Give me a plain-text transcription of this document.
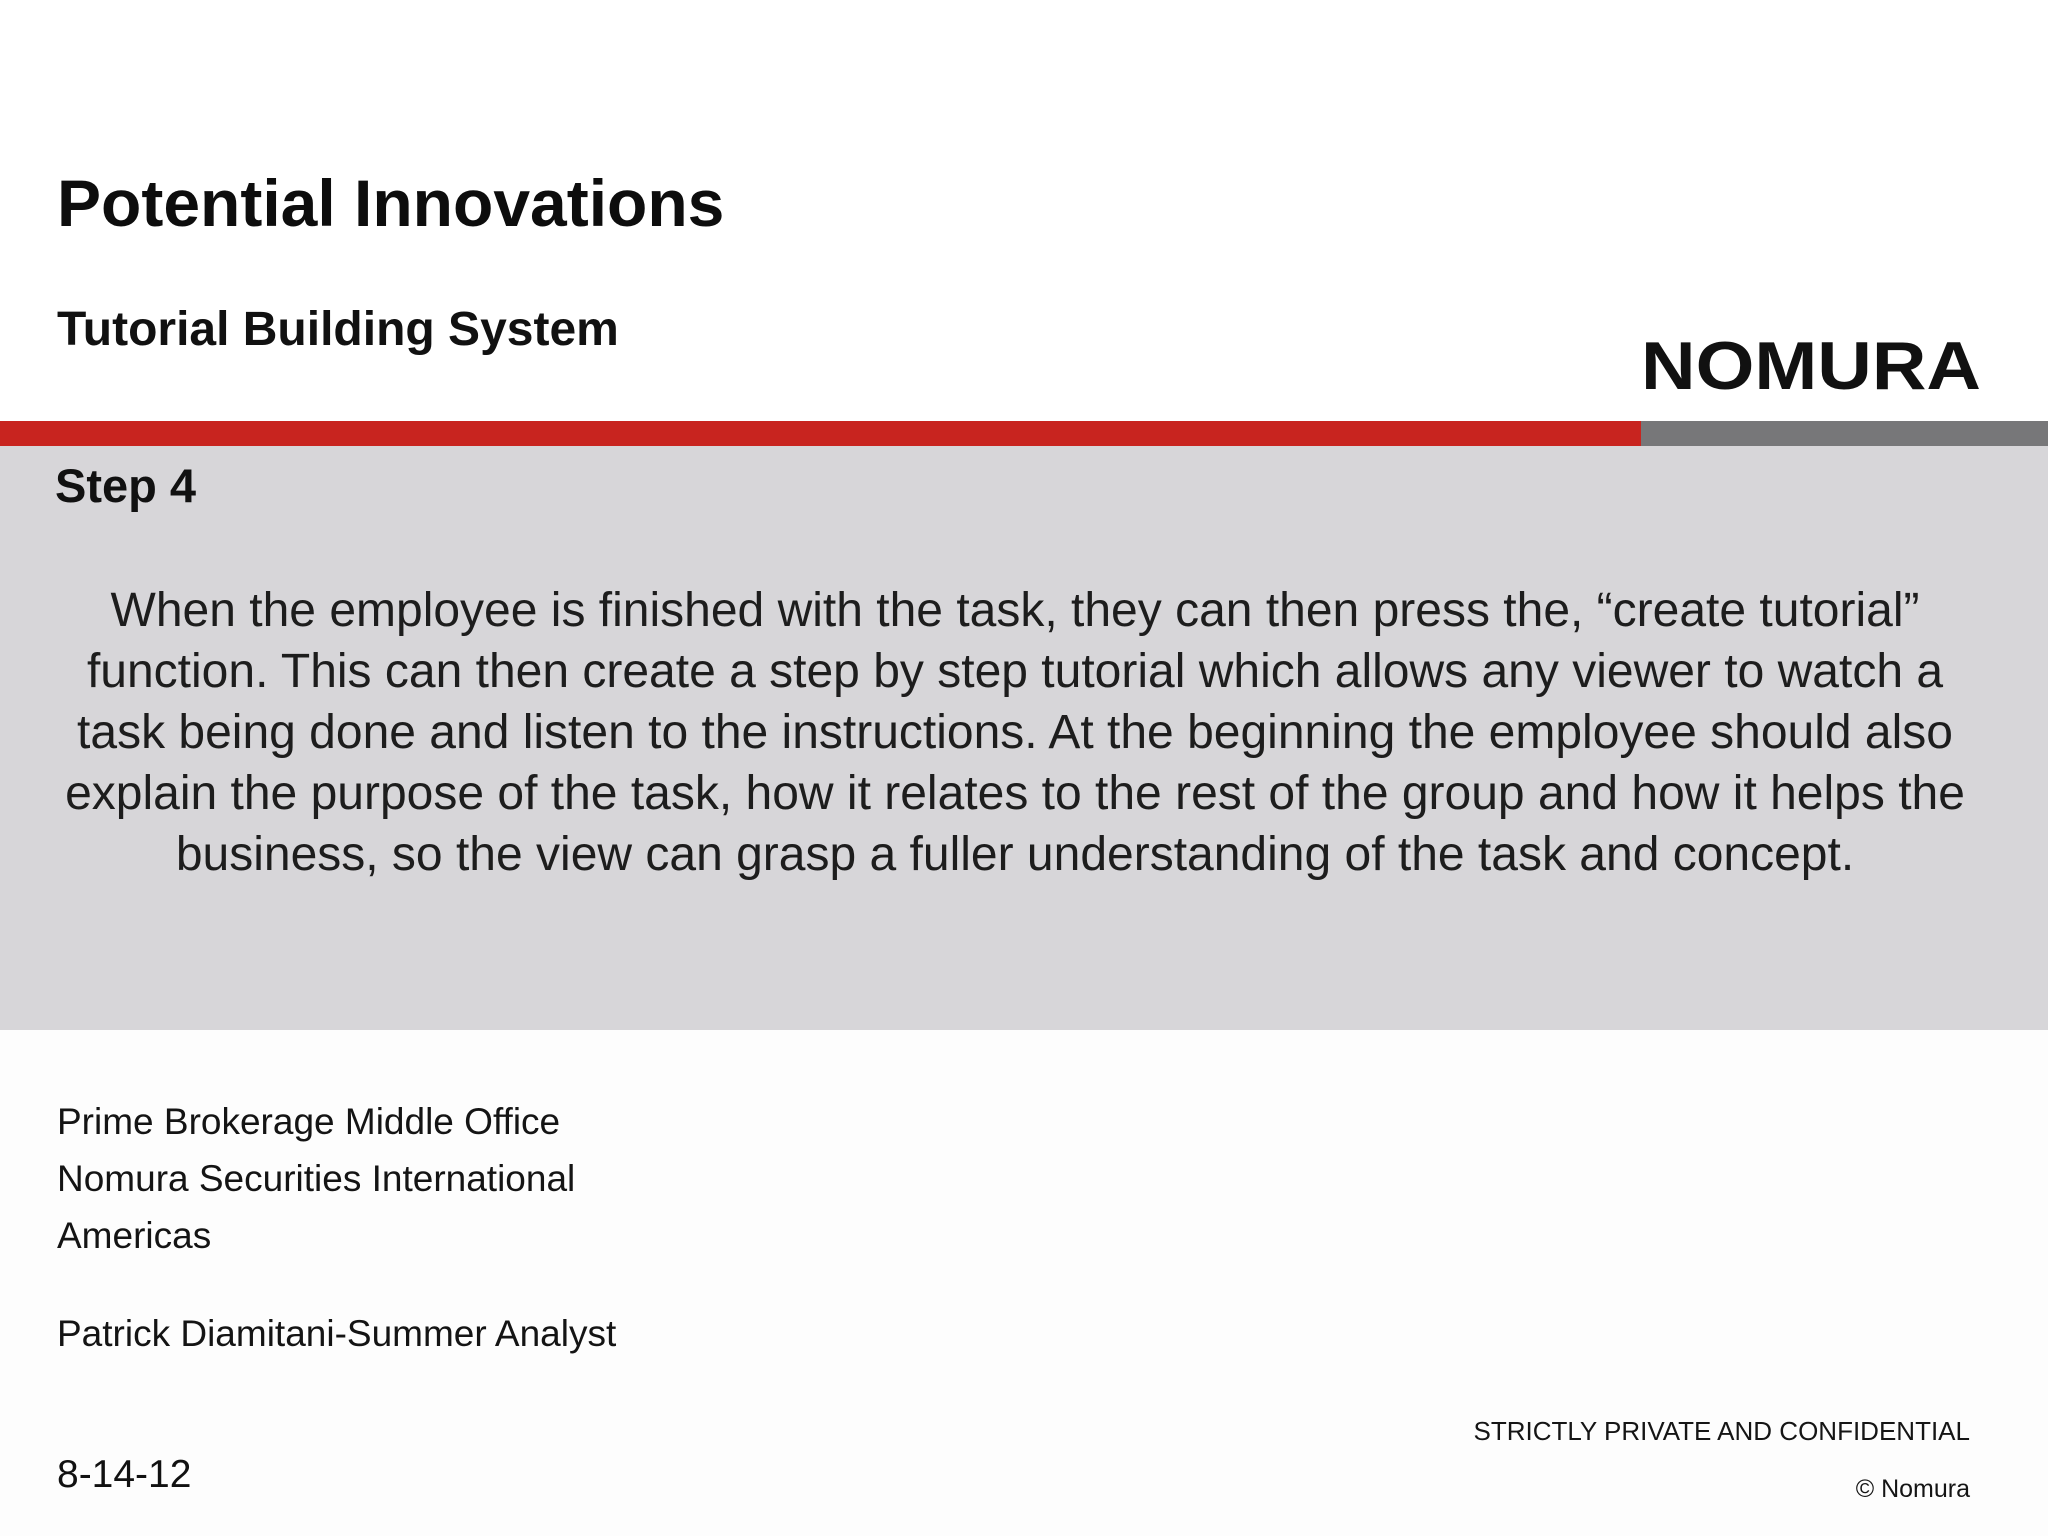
Potential Innovations
Tutorial Building System	NOMURA
Step 4

When the employee is finished with the task, they can then press the, “create tutorial” function. This can then create a step by step tutorial which allows any viewer to watch a task being done and listen to the instructions. At the beginning the employee should also explain the purpose of the task, how it relates to the rest of the group and how it helps the business, so the view can grasp a fuller understanding of the task and concept.

Prime Brokerage Middle Office
Nomura Securities International
Americas

Patrick Diamitani-Summer Analyst

8-14-12

STRICTLY PRIVATE AND CONFIDENTIAL

© Nomura
